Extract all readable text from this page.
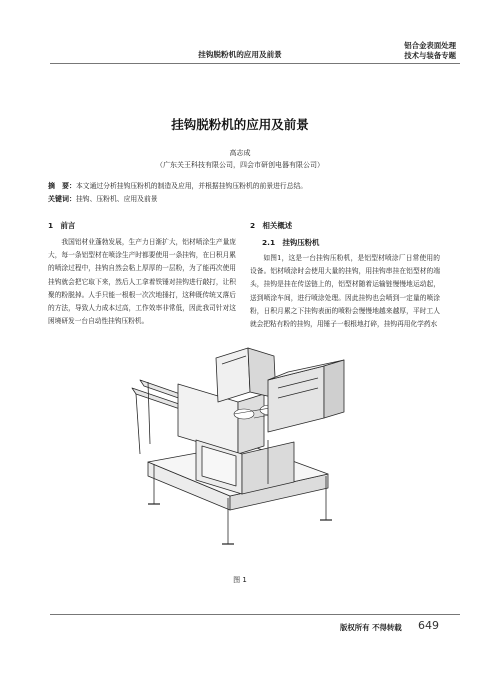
挂钩脱粉机的应用及前景
铝合金表面处理
技术与装备专题
挂钩脱粉机的应用及前景
高志成
（广东关王科技有限公司，四会市研创电器有限公司）
摘　要：本文通过分析挂钩压粉机的制造及应用，并根据挂钩压粉机的前景进行总结。
关键词：挂钩、压粉机、应用及前景
1　前言
我国铝材业蓬勃发展，生产力日渐扩大，铝材喷涂生产量庞大，每一条铝型材在喷涂生产时都要使用一条挂钩，在日积月累的喷涂过程中，挂钩自然会粘上厚厚的一层粉，为了能再次使用挂钩就会把它取下来，然后人工拿着铁锤对挂钩进行敲打，让积聚的粉脱掉。人手只能一根根一次次地捶打，这种既传统又落后的方法，导致人力成本过高，工作效率非常低，因此我司针对这困境研发一台自动性挂钩压粉机。
2　相关概述
2.1　挂钩压粉机
如图1，这是一台挂钩压粉机，是铝型材喷涂厂日常使用的设备。铝材喷涂时会使用大量的挂钩，用挂钩串挂在铝型材的端头，挂钩是挂在传送链上的，铝型材随着运输链慢慢地运动起，送到喷涂车间，进行喷涂处理。因此挂钩也会喷到一定量的喷涂粉，日积月累之下挂钩表面的喷粉会慢慢地越来越厚，平时工人就会把粘有粉的挂钩，用锤子一根根地打碎，挂钩再用化学药水
图 1
版权所有 不得转载 649
